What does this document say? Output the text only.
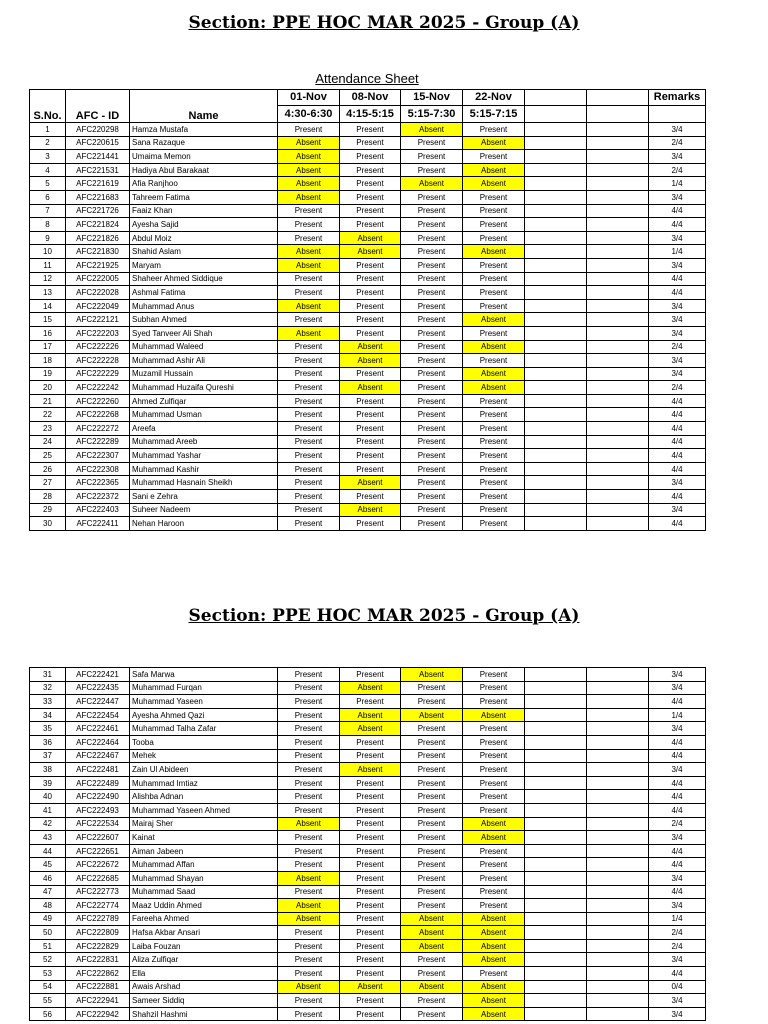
Section: PPE HOC MAR 2025 - Group (A)
Attendance Sheet
S.No.	AFC - ID	Name	01-Nov	08-Nov	15-Nov	22-Nov			Remarks
			4:30-6:30	4:15-5:15	5:15-7:30	5:15-7:15			
1	AFC220298	Hamza Mustafa	Present	Present	Absent	Present			3/4
2	AFC220615	Sana Razaque	Absent	Present	Present	Absent			2/4
3	AFC221441	Umaima Memon	Absent	Present	Present	Present			3/4
4	AFC221531	Hadiya Abul Barakaat	Absent	Present	Present	Absent			2/4
5	AFC221619	Afia Ranjhoo	Absent	Present	Absent	Absent			1/4
6	AFC221683	Tahreem Fatima	Absent	Present	Present	Present			3/4
7	AFC221726	Faaiz Khan	Present	Present	Present	Present			4/4
8	AFC221824	Ayesha Sajid	Present	Present	Present	Present			4/4
9	AFC221826	Abdul Moiz	Present	Absent	Present	Present			3/4
10	AFC221830	Shahid Aslam	Absent	Absent	Present	Absent			1/4
11	AFC221925	Maryam	Absent	Present	Present	Present			3/4
12	AFC222005	Shaheer Ahmed Siddique	Present	Present	Present	Present			4/4
13	AFC222028	Ashmal Fatima	Present	Present	Present	Present			4/4
14	AFC222049	Muhammad Anus	Absent	Present	Present	Present			3/4
15	AFC222121	Subhan Ahmed	Present	Present	Present	Absent			3/4
16	AFC222203	Syed Tanveer Ali Shah	Absent	Present	Present	Present			3/4
17	AFC222226	Muhammad Waleed	Present	Absent	Present	Absent			2/4
18	AFC222228	Muhammad Ashir Ali	Present	Absent	Present	Present			3/4
19	AFC222229	Muzamil Hussain	Present	Present	Present	Absent			3/4
20	AFC222242	Muhammad Huzaifa Qureshi	Present	Absent	Present	Absent			2/4
21	AFC222260	Ahmed Zulfiqar	Present	Present	Present	Present			4/4
22	AFC222268	Muhammad Usman	Present	Present	Present	Present			4/4
23	AFC222272	Areefa	Present	Present	Present	Present			4/4
24	AFC222289	Muhammad Areeb	Present	Present	Present	Present			4/4
25	AFC222307	Muhammad Yashar	Present	Present	Present	Present			4/4
26	AFC222308	Muhammad Kashir	Present	Present	Present	Present			4/4
27	AFC222365	Muhammad Hasnain Sheikh	Present	Absent	Present	Present			3/4
28	AFC222372	Sani e Zehra	Present	Present	Present	Present			4/4
29	AFC222403	Suheer Nadeem	Present	Absent	Present	Present			3/4
30	AFC222411	Nehan Haroon	Present	Present	Present	Present			4/4
Section: PPE HOC MAR 2025 - Group (A)
31	AFC222421	Safa Marwa	Present	Present	Absent	Present			3/4
32	AFC222435	Muhammad Furqan	Present	Absent	Present	Present			3/4
33	AFC222447	Muhammad Yaseen	Present	Present	Present	Present			4/4
34	AFC222454	Ayesha Ahmed Qazi	Present	Absent	Absent	Absent			1/4
35	AFC222461	Muhammad Talha Zafar	Present	Absent	Present	Present			3/4
36	AFC222464	Tooba	Present	Present	Present	Present			4/4
37	AFC222467	Mehek	Present	Present	Present	Present			4/4
38	AFC222481	Zain Ul Abideen	Present	Absent	Present	Present			3/4
39	AFC222489	Muhammad Imtiaz	Present	Present	Present	Present			4/4
40	AFC222490	Alishba Adnan	Present	Present	Present	Present			4/4
41	AFC222493	Muhammad Yaseen Ahmed	Present	Present	Present	Present			4/4
42	AFC222534	Mairaj Sher	Absent	Present	Present	Absent			2/4
43	AFC222607	Kainat	Present	Present	Present	Absent			3/4
44	AFC222651	Aiman Jabeen	Present	Present	Present	Present			4/4
45	AFC222672	Muhammad Affan	Present	Present	Present	Present			4/4
46	AFC222685	Muhammad Shayan	Absent	Present	Present	Present			3/4
47	AFC222773	Muhammad Saad	Present	Present	Present	Present			4/4
48	AFC222774	Maaz Uddin Ahmed	Absent	Present	Present	Present			3/4
49	AFC222789	Fareeha Ahmed	Absent	Present	Absent	Absent			1/4
50	AFC222809	Hafsa Akbar Ansari	Present	Present	Absent	Absent			2/4
51	AFC222829	Laiba Fouzan	Present	Present	Absent	Absent			2/4
52	AFC222831	Aliza Zulfiqar	Present	Present	Present	Absent			3/4
53	AFC222862	Ella	Present	Present	Present	Present			4/4
54	AFC222881	Awais Arshad	Absent	Absent	Absent	Absent			0/4
55	AFC222941	Sameer Siddiq	Present	Present	Present	Absent			3/4
56	AFC222942	Shahzil Hashmi	Present	Present	Present	Absent			3/4
